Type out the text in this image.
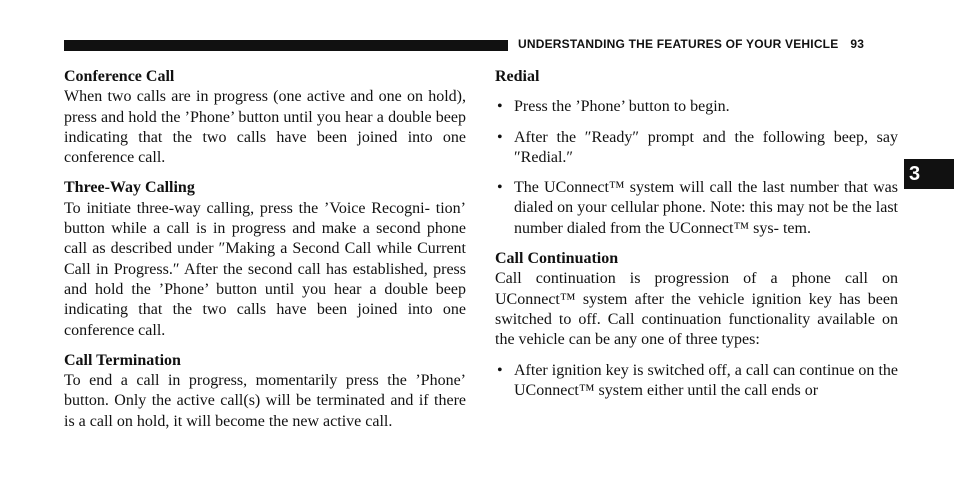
UNDERSTANDING THE FEATURES OF YOUR VEHICLE 93
3
Conference Call

When two calls are in progress (one active and one on hold), press and hold the ’Phone’ button until you hear a double beep indicating that the two calls have been joined into one conference call.

Three-Way Calling

To initiate three-way calling, press the ’Voice Recogni- tion’ button while a call is in progress and make a second phone call as described under ″Making a Second Call while Current Call in Progress.″ After the second call has established, press and hold the ’Phone’ button until you hear a double beep indicating that the two calls have been joined into one conference call.

Call Termination

To end a call in progress, momentarily press the ’Phone’ button. Only the active call(s) will be terminated and if there is a call on hold, it will become the new active call.

Redial
• Press the ’Phone’ button to begin.
• After the ″Ready″ prompt and the following beep, say ″Redial.″
• The UConnect™ system will call the last number that was dialed on your cellular phone. Note: this may not be the last number dialed from the UConnect™ sys- tem.
Call Continuation

Call continuation is progression of a phone call on UConnect™ system after the vehicle ignition key has been switched to off. Call continuation functionality available on the vehicle can be any one of three types:

• After ignition key is switched off, a call can continue on the UConnect™ system either until the call ends or
